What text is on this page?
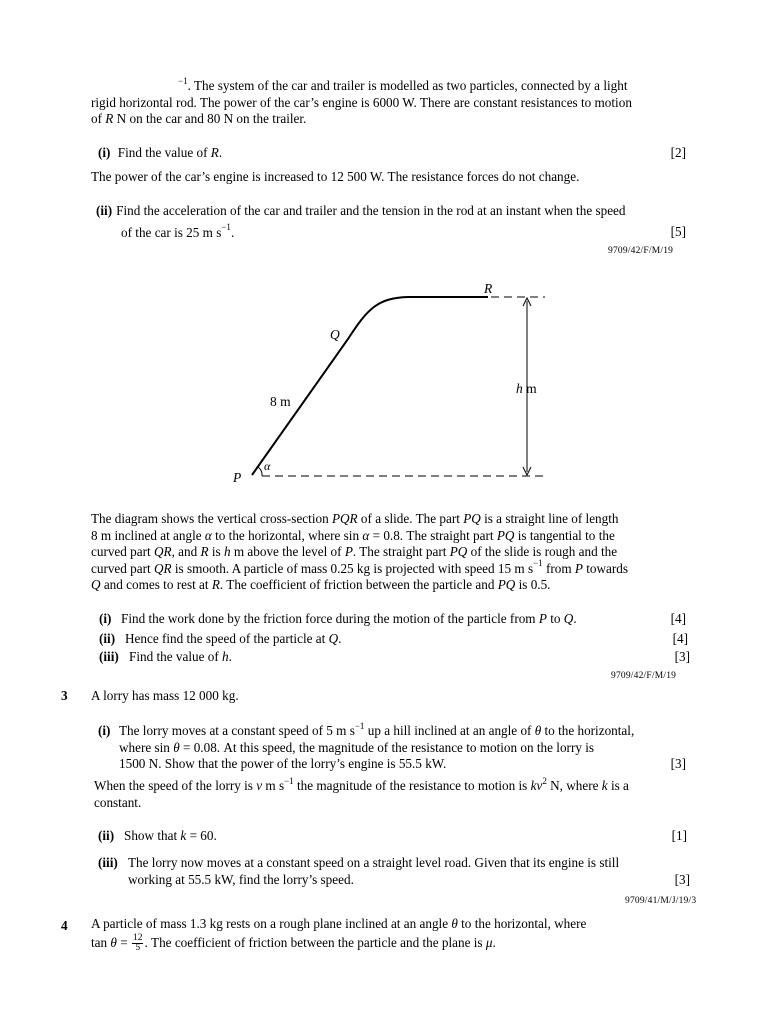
$^{-1}$. The system of the car and trailer is modelled as two particles, connected by a light
rigid horizontal rod. The power of the car’s engine is 6000 W. There are constant resistances to motion
of R N on the car and 80 N on the trailer.
(i) Find the value of R.	[2]
The power of the car’s engine is increased to 12 500 W. The resistance forces do not change.
(ii) Find the acceleration of the car and trailer and the tension in the rod at an instant when the speed
of the car is 25 m $s^{-1}$.	[5]
9709/42/F/M/19
R
Q
P
α
8 m
h m
The diagram shows the vertical cross-section PQR of a slide. The part PQ is a straight line of length
8 m inclined at angle α to the horizontal, where sin α = 0.8. The straight part PQ is tangential to the
curved part QR, and R is h m above the level of P. The straight part PQ of the slide is rough and the
curved part QR is smooth. A particle of mass 0.25 kg is projected with speed 15 m $s^{-1}$ from P towards
Q and comes to rest at R. The coefficient of friction between the particle and PQ is 0.5.
(i) Find the work done by the friction force during the motion of the particle from P to Q.	[4]
(ii) Hence find the speed of the particle at Q.	[4]
(iii) Find the value of h.	[3]
9709/42/F/M/19
3 A lorry has mass 12 000 kg.
(i) The lorry moves at a constant speed of 5 m $s^{-1}$ up a hill inclined at an angle of θ to the horizontal,
where sin θ = 0.08. At this speed, the magnitude of the resistance to motion on the lorry is
1500 N. Show that the power of the lorry’s engine is 55.5 kW.	[3]
When the speed of the lorry is v m $s^{-1}$ the magnitude of the resistance to motion is $kv^2$ N, where k is a
constant.
(ii) Show that k = 60.	[1]
(iii) The lorry now moves at a constant speed on a straight level road. Given that its engine is still
working at 55.5 kW, find the lorry’s speed.	[3]
9709/41/M/J/19/3
4 A particle of mass 1.3 kg rests on a rough plane inclined at an angle θ to the horizontal, where
$\tan \theta = \frac{12}{5}$ . The coefficient of friction between the particle and the plane is μ.
